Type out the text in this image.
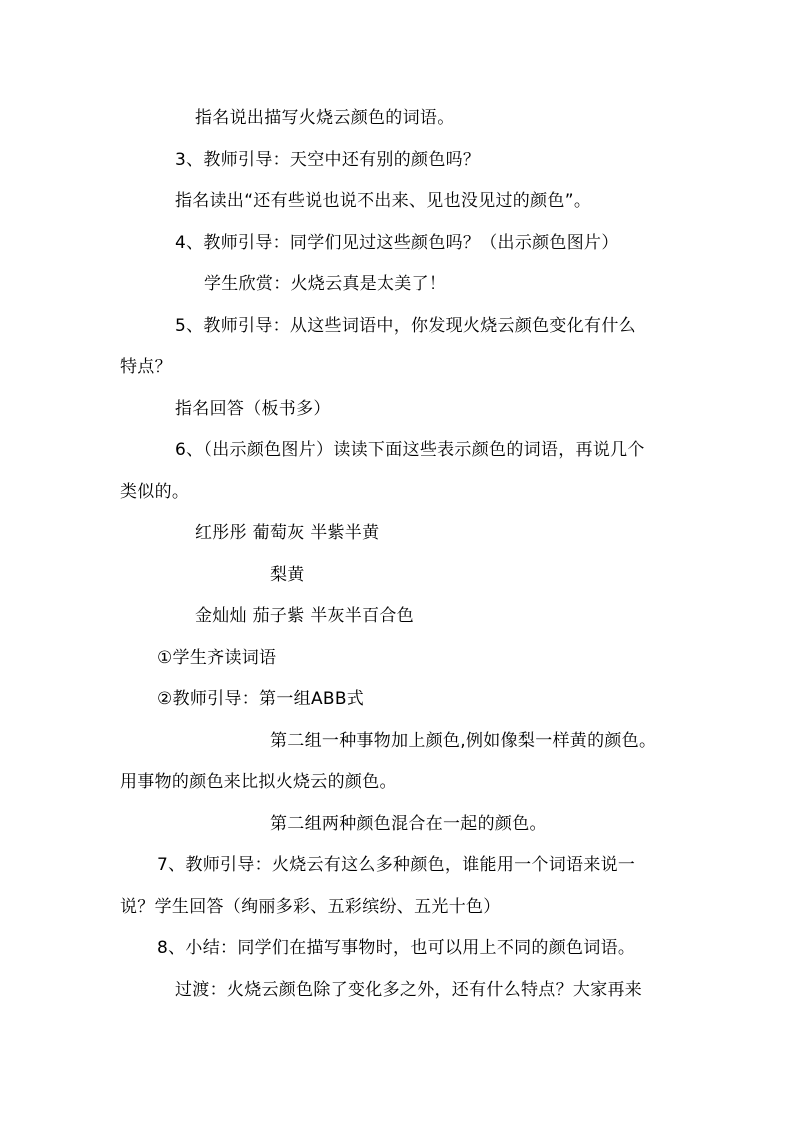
指名说出描写火烧云颜色的词语。
3、教师引导：天空中还有别的颜色吗？
指名读出“还有些说也说不出来、见也没见过的颜色”。
4、教师引导：同学们见过这些颜色吗？（出示颜色图片）
学生欣赏：火烧云真是太美了！
5、教师引导：从这些词语中，你发现火烧云颜色变化有什么
特点？
指名回答（板书多）
6、（出示颜色图片）读读下面这些表示颜色的词语，再说几个
类似的。
红彤彤 葡萄灰 半紫半黄
梨黄
金灿灿 茄子紫 半灰半百合色
①学生齐读词语
②教师引导：第一组ABB式
第二组一种事物加上颜色,例如像梨一样黄的颜色。
用事物的颜色来比拟火烧云的颜色。
第二组两种颜色混合在一起的颜色。
7、教师引导：火烧云有这么多种颜色，谁能用一个词语来说一
说？学生回答（绚丽多彩、五彩缤纷、五光十色）
8、小结：同学们在描写事物时，也可以用上不同的颜色词语。
过渡：火烧云颜色除了变化多之外，还有什么特点？大家再来
